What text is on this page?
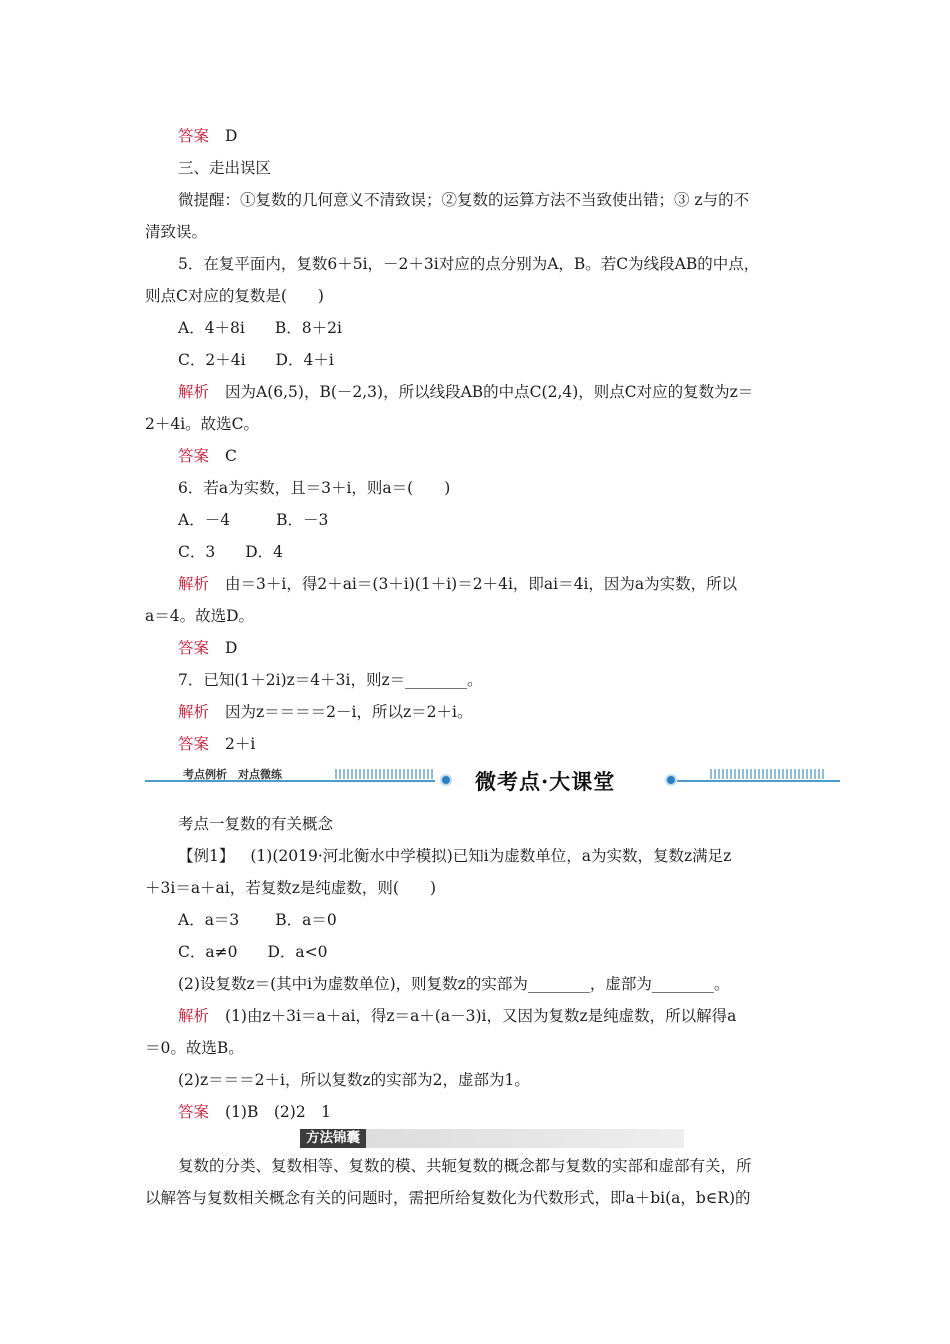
答案 D
三、走出误区
微提醒：①复数的几何意义不清致误；②复数的运算方法不当致使出错；③ z与的不
清致误。
5．在复平面内，复数6＋5i，－2＋3i对应的点分别为A，B。若C为线段AB的中点，
则点C对应的复数是(　　)
A．4＋8i B．8＋2i
C．2＋4i D．4＋i
解析 因为A(6,5)，B(－2,3)，所以线段AB的中点C(2,4)，则点C对应的复数为z＝
2＋4i。故选C。
答案 C
6．若a为实数，且＝3＋i，则a＝(　　)
A．－4	B．－3
C．3 D．4
解析 由＝3＋i，得2＋ai＝(3＋i)(1＋i)＝2＋4i，即ai＝4i，因为a为实数，所以
a＝4。故选D。
答案 D
7．已知(1＋2i)z＝4＋3i，则z＝________。
解析 因为z＝＝＝＝2－i，所以z＝2＋i。
答案 2＋i
考点例析　对点微练	微考点·大课堂
考点一复数的有关概念
【例1】 (1)(2019·河北衡水中学模拟)已知i为虚数单位，a为实数，复数z满足z
＋3i＝a＋ai，若复数z是纯虚数，则(　　)
A．a＝3 B．a＝0
C．a≠0 D．a<0
(2)设复数z＝(其中i为虚数单位)，则复数z的实部为________，虚部为________。
解析 (1)由z＋3i＝a＋ai，得z＝a＋(a－3)i，又因为复数z是纯虚数，所以解得a
＝0。故选B。
(2)z＝＝＝2＋i，所以复数z的实部为2，虚部为1。
答案 (1)B　(2)2　1
方法锦囊
复数的分类、复数相等、复数的模、共轭复数的概念都与复数的实部和虚部有关，所
以解答与复数相关概念有关的问题时，需把所给复数化为代数形式，即a＋bi(a，b∈R)的
